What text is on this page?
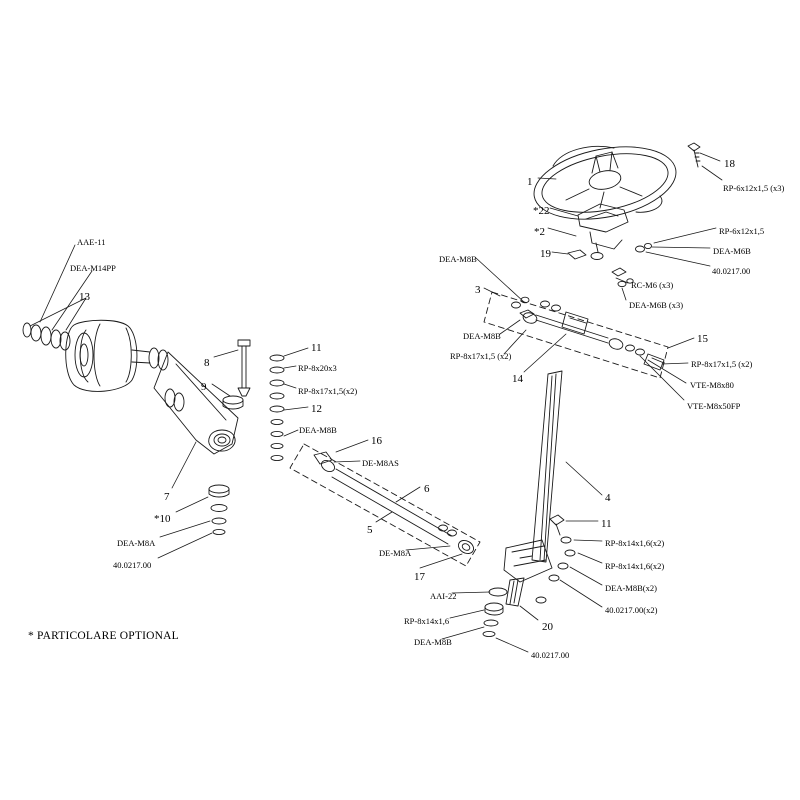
1
*22
*2
19
18
3
15
14
13
8
9
11
12
16
7
*10
6
5
17
4
11
20
AAE-11
DEA-M14PP
RP-8x20x3
RP-8x17x1,5(x2)
DEA-M8B
DE-M8AS
DE-M8A
DEA-M8A
40.0217.00
DEA-M8B
DEA-M8B
RP-8x17x1,5 (x2)
RP-6x12x1,5 (x3)
RP-6x12x1,5
DEA-M6B
40.0217.00
RC-M6 (x3)
DEA-M6B (x3)
RP-8x17x1,5 (x2)
VTE-M8x80
VTE-M8x50FP
RP-8x14x1,6(x2)
RP-8x14x1,6(x2)
DEA-M8B(x2)
40.0217.00(x2)
AAI-22
RP-8x14x1,6
DEA-M8B
40.0217.00
* PARTICOLARE OPTIONAL
